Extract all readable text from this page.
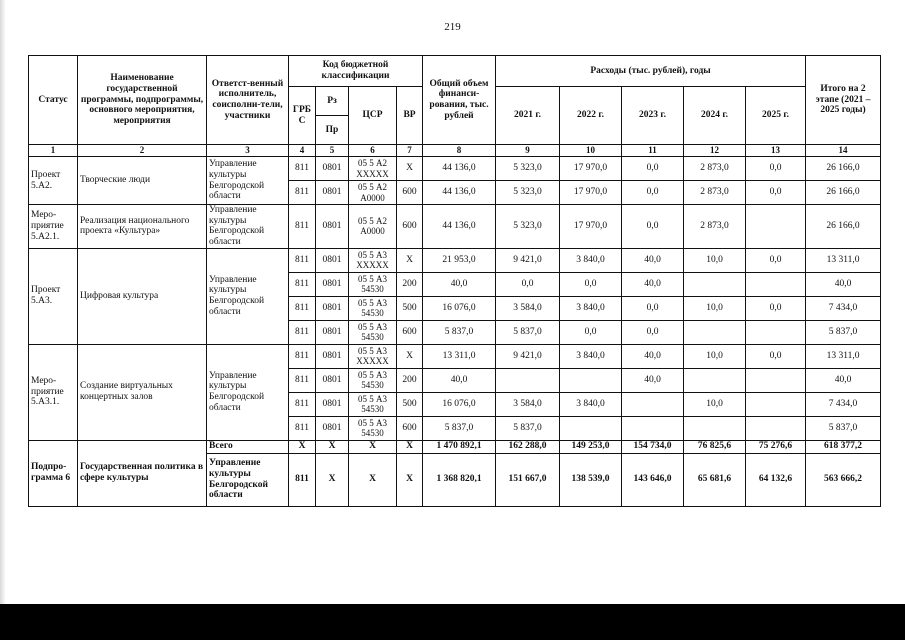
219
Статус	Наименование государственной программы, подпрограммы, основного мероприятия, мероприятия	Ответст-венный исполнитель, соисполни-тели, участники	Код бюджетной классификации				Общий объем финанси-рования, тыс. рублей	Расходы (тыс. рублей), годы					Итого на 2 этапе (2021 – 2025 годы)
			ГРБ С	Рз	ЦСР	ВР		2021 г.	2022 г.	2023 г.	2024 г.	2025 г.	
				Пр									
1	2	3	4	5	6	7	8	9	10	11	12	13	14
Проект 5.А2.	Творческие люди	Управление культуры Белгородской области	811	0801	05 5 А2 XXXXX	X	44 136,0	5 323,0	17 970,0	0,0	2 873,0	0,0	26 166,0
			811	0801	05 5 А2 А0000	600	44 136,0	5 323,0	17 970,0	0,0	2 873,0	0,0	26 166,0
Меро-приятие 5.А2.1.	Реализация национального проекта «Культура»	Управление культуры Белгородской области	811	0801	05 5 А2 А0000	600	44 136,0	5 323,0	17 970,0	0,0	2 873,0		26 166,0
Проект 5.А3.	Цифровая культура	Управление культуры Белгородской области	811	0801	05 5 А3 XXXXX	X	21 953,0	9 421,0	3 840,0	40,0	10,0	0,0	13 311,0
			811	0801	05 5 А3 54530	200	40,0	0,0	0,0	40,0			40,0
			811	0801	05 5 А3 54530	500	16 076,0	3 584,0	3 840,0	0,0	10,0	0,0	7 434,0
			811	0801	05 5 А3 54530	600	5 837,0	5 837,0	0,0	0,0			5 837,0
Меро-приятие 5.А3.1.	Создание виртуальных концертных залов	Управление культуры Белгородской области	811	0801	05 5 А3 XXXXX	X	13 311,0	9 421,0	3 840,0	40,0	10,0	0,0	13 311,0
			811	0801	05 5 А3 54530	200	40,0			40,0			40,0
			811	0801	05 5 А3 54530	500	16 076,0	3 584,0	3 840,0		10,0		7 434,0
			811	0801	05 5 А3 54530	600	5 837,0	5 837,0					5 837,0
Подпро-грамма 6	Государственная политика в сфере культуры	Всего	X	X	X	X	1 470 892,1	162 288,0	149 253,0	154 734,0	76 825,6	75 276,6	618 377,2
		Управление культуры Белгородской области	811	X	X	X	1 368 820,1	151 667,0	138 539,0	143 646,0	65 681,6	64 132,6	563 666,2
